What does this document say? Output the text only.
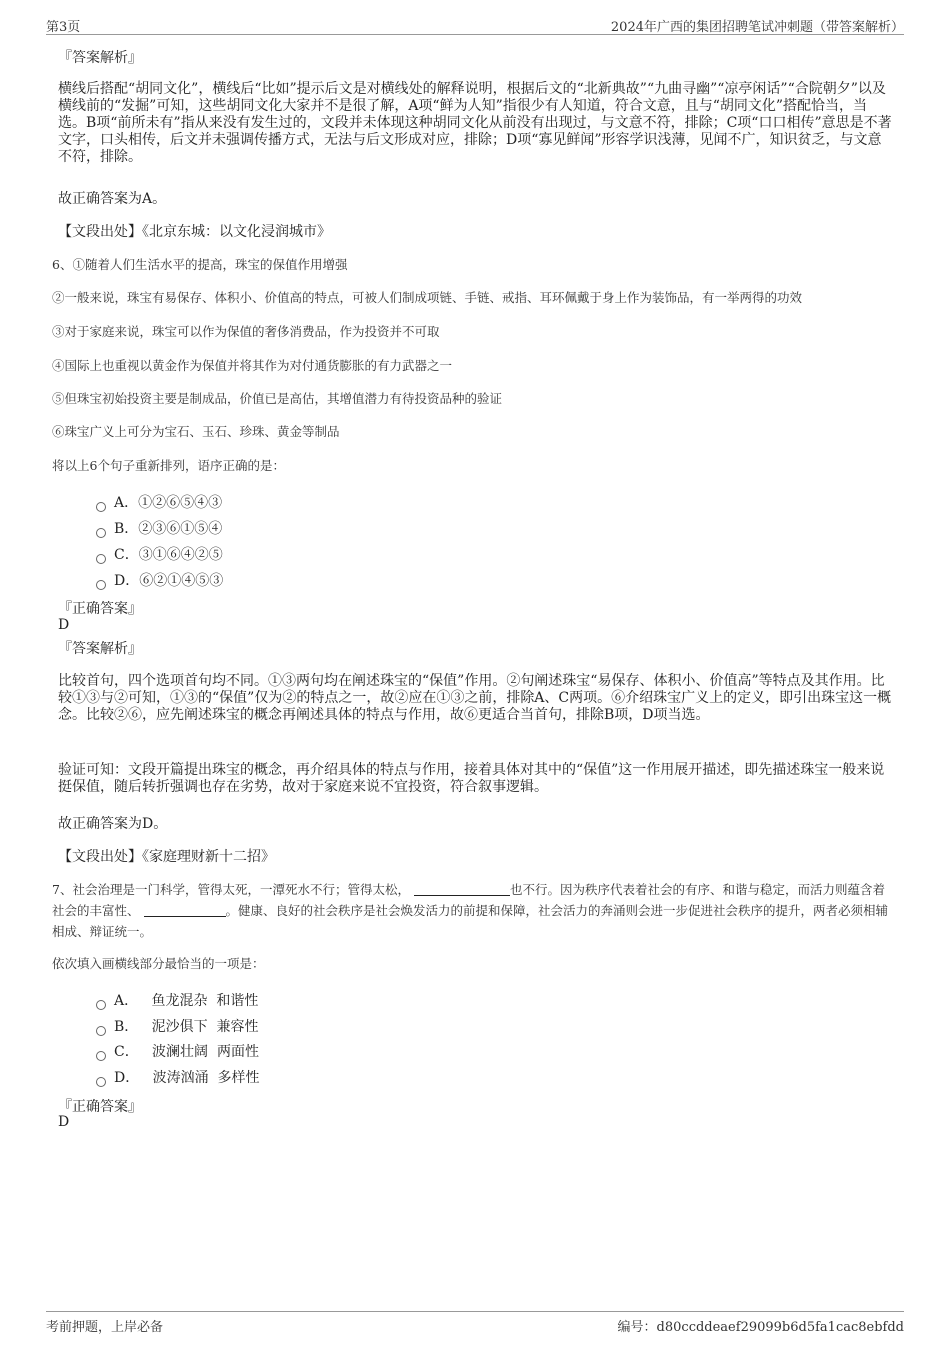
第3页	2024年广西的集团招聘笔试冲刺题（带答案解析）
『答案解析』
横线后搭配“胡同文化”，横线后“比如”提示后文是对横线处的解释说明，根据后文的“北新典故”“九曲寻幽”“凉亭闲话”“合院朝夕”以及横线前的“发掘”可知，这些胡同文化大家并不是很了解，A项“鲜为人知”指很少有人知道，符合文意，且与“胡同文化”搭配恰当，当选。B项“前所未有”指从来没有发生过的，文段并未体现这种胡同文化从前没有出现过，与文意不符，排除；C项“口口相传”意思是不著文字，口头相传，后文并未强调传播方式，无法与后文形成对应，排除；D项“寡见鲜闻”形容学识浅薄，见闻不广，知识贫乏，与文意不符，排除。
故正确答案为A。
【文段出处】《北京东城：以文化浸润城市》
6、①随着人们生活水平的提高，珠宝的保值作用增强
②一般来说，珠宝有易保存、体积小、价值高的特点，可被人们制成项链、手链、戒指、耳环佩戴于身上作为装饰品，有一举两得的功效
③对于家庭来说，珠宝可以作为保值的奢侈消费品，作为投资并不可取
④国际上也重视以黄金作为保值并将其作为对付通货膨胀的有力武器之一
⑤但珠宝初始投资主要是制成品，价值已是高估，其增值潜力有待投资品种的验证
⑥珠宝广义上可分为宝石、玉石、珍珠、黄金等制品
将以上6个句子重新排列，语序正确的是：
A．①②⑥⑤④③
B．②③⑥①⑤④
C．③①⑥④②⑤
D．⑥②①④⑤③
『正确答案』
D
『答案解析』
比较首句，四个选项首句均不同。①③两句均在阐述珠宝的“保值”作用。②句阐述珠宝“易保存、体积小、价值高”等特点及其作用。比较①③与②可知，①③的“保值”仅为②的特点之一，故②应在①③之前，排除A、C两项。⑥介绍珠宝广义上的定义，即引出珠宝这一概念。比较②⑥，应先阐述珠宝的概念再阐述具体的特点与作用，故⑥更适合当首句，排除B项，D项当选。
验证可知：文段开篇提出珠宝的概念，再介绍具体的特点与作用，接着具体对其中的“保值”这一作用展开描述，即先描述珠宝一般来说挺保值，随后转折强调也存在劣势，故对于家庭来说不宜投资，符合叙事逻辑。
故正确答案为D。
【文段出处】《家庭理财新十二招》
7、社会治理是一门科学，管得太死，一潭死水不行；管得太松，	也不行。因为秩序代表着社会的有序、和谐与稳定，而活力则蕴含着社会的丰富性、	。健康、良好的社会秩序是社会焕发活力的前提和保障，社会活力的奔涌则会进一步促进社会秩序的提升，两者必须相辅相成、辩证统一。
依次填入画横线部分最恰当的一项是：
A．   鱼龙混杂  和谐性
B．   泥沙俱下  兼容性
C．   波澜壮阔  两面性
D．   波涛汹涌  多样性
『正确答案』
D
考前押题，上岸必备	编号：d80ccddeaef29099b6d5fa1cac8ebfdd
